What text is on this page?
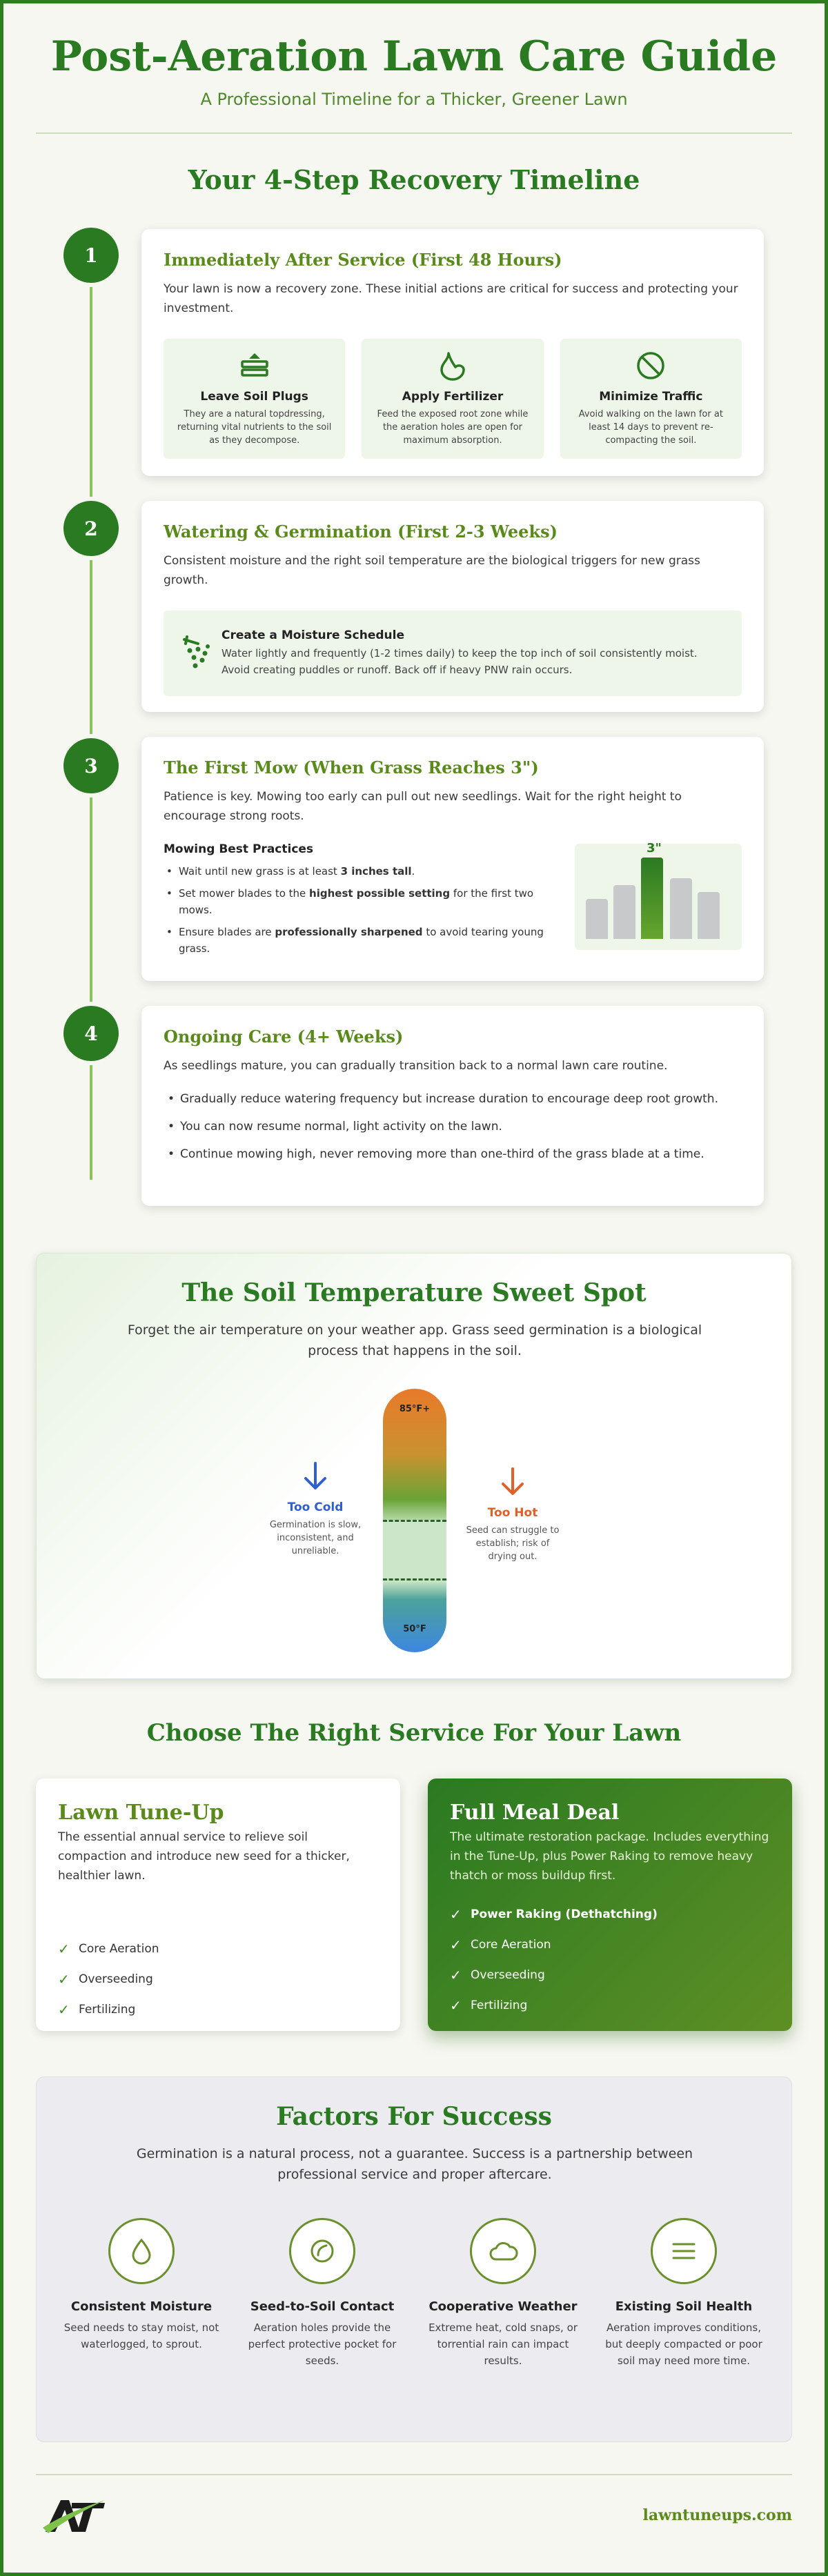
Post-Aeration Lawn Care Guide
A Professional Timeline for a Thicker, Greener Lawn
Your 4-Step Recovery Timeline
1	Immediately After Service (First 48 Hours)

Your lawn is now a recovery zone. These initial actions are critical for success and protecting your investment.

Leave Soil Plugs
They are a natural topdressing, returning vital nutrients to the soil as they decompose.
Apply Fertilizer
Feed the exposed root zone while the aeration holes are open for maximum absorption.
Minimize Traffic
Avoid walking on the lawn for at least 14 days to prevent re-compacting the soil.
2	Watering & Germination (First 2-3 Weeks)

Consistent moisture and the right soil temperature are the biological triggers for new grass growth.

Create a Moisture Schedule
Water lightly and frequently (1-2 times daily) to keep the top inch of soil consistently moist. Avoid creating puddles or runoff. Back off if heavy PNW rain occurs.
3	The First Mow (When Grass Reaches 3")

Patience is key. Mowing too early can pull out new seedlings. Wait for the right height to encourage strong roots.

Mowing Best Practices
• Wait until new grass is at least 3 inches tall.
• Set mower blades to the highest possible setting for the first two mows.
• Ensure blades are professionally sharpened to avoid tearing young grass.
3"
4	Ongoing Care (4+ Weeks)

As seedlings mature, you can gradually transition back to a normal lawn care routine.

• Gradually reduce watering frequency but increase duration to encourage deep root growth.
• You can now resume normal, light activity on the lawn.
• Continue mowing high, never removing more than one-third of the grass blade at a time.
The Soil Temperature Sweet Spot
Forget the air temperature on your weather app. Grass seed germination is a biological process that happens in the soil.
Too Cold
Germination is slow, inconsistent, and unreliable.
85°F+
50°F
Too Hot
Seed can struggle to establish; risk of drying out.
Choose The Right Service For Your Lawn
Lawn Tune-Up
The essential annual service to relieve soil compaction and introduce new seed for a thicker, healthier lawn.
✓ Core Aeration
✓ Overseeding
✓ Fertilizing
Full Meal Deal
The ultimate restoration package. Includes everything in the Tune-Up, plus Power Raking to remove heavy thatch or moss buildup first.
✓ Power Raking (Dethatching)
✓ Core Aeration
✓ Overseeding
✓ Fertilizing
Factors For Success
Germination is a natural process, not a guarantee. Success is a partnership between professional service and proper aftercare.
Consistent Moisture
Seed needs to stay moist, not waterlogged, to sprout.
Seed-to-Soil Contact
Aeration holes provide the perfect protective pocket for seeds.
Cooperative Weather
Extreme heat, cold snaps, or torrential rain can impact results.
Existing Soil Health
Aeration improves conditions, but deeply compacted or poor soil may need more time.
lawntuneups.com
